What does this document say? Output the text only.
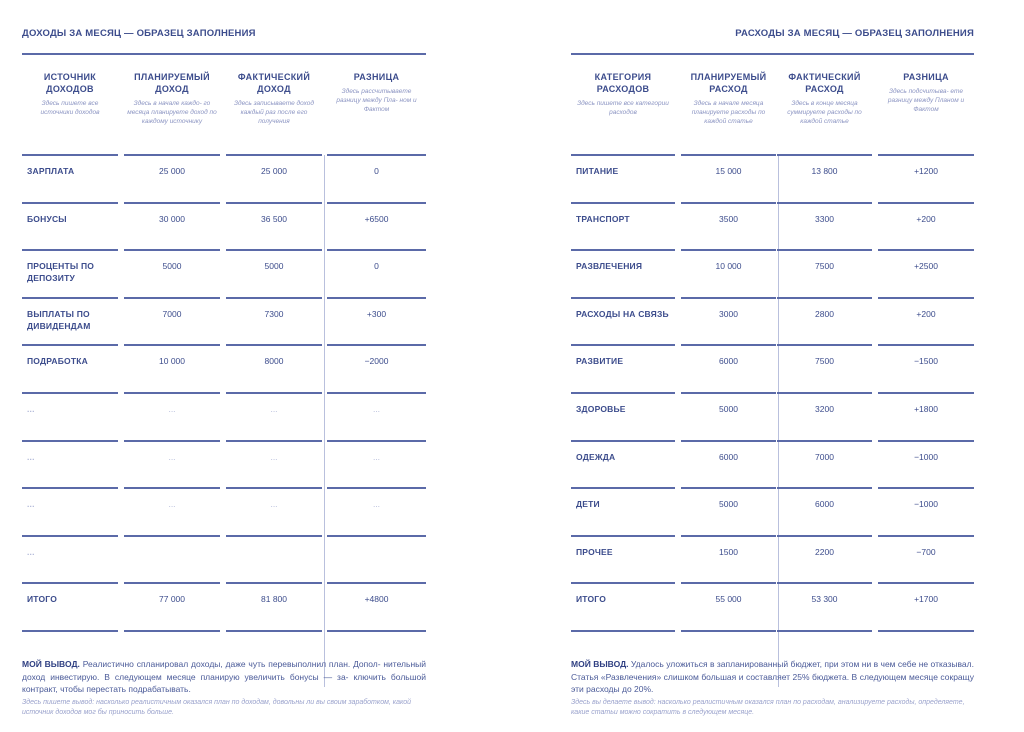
ДОХОДЫ ЗА МЕСЯЦ — ОБРАЗЕЦ ЗАПОЛНЕНИЯ
ИСТОЧНИК ДОХОДОВ
Здесь пишете все источники доходов
ЗАРПЛАТА
БОНУСЫ
ПРОЦЕНТЫ ПО ДЕПОЗИТУ
ВЫПЛАТЫ ПО ДИВИДЕНДАМ
ПОДРАБОТКА
...
...
...
...
ИТОГО
ПЛАНИРУЕМЫЙ ДОХОД
Здесь в начале каждо- го месяца планируете доход по каждому источнику
25 000
30 000
5000
7000
10 000
...
...
...
77 000
ФАКТИЧЕСКИЙ ДОХОД
Здесь записываете доход каждый раз после его получения
25 000
36 500
5000
7300
8000
...
...
...
81 800
РАЗНИЦА
Здесь рассчитываете разницу между Пла- ном и Фактом
0
+6500
0
+300
−2000
...
...
...
+4800
МОЙ ВЫВОД. Реалистично спланировал доходы, даже чуть перевыполнил план. Допол- нительный доход инвестирую. В следующем месяце планирую увеличить бонусы — за- ключить большой контракт, чтобы перестать подрабатывать.
Здесь пишете вывод: насколько реалистичным оказался план по доходам, довольны ли вы своим заработком, какой источник доходов мог бы приносить больше.
РАСХОДЫ ЗА МЕСЯЦ — ОБРАЗЕЦ ЗАПОЛНЕНИЯ
КАТЕГОРИЯ РАСХОДОВ
Здесь пишете все категории расходов
ПИТАНИЕ
ТРАНСПОРТ
РАЗВЛЕЧЕНИЯ
РАСХОДЫ НА СВЯЗЬ
РАЗВИТИЕ
ЗДОРОВЬЕ
ОДЕЖДА
ДЕТИ
ПРОЧЕЕ
ИТОГО
ПЛАНИРУЕМЫЙ РАСХОД
Здесь в начале месяца планируете расходы по каждой статье
15 000
3500
10 000
3000
6000
5000
6000
5000
1500
55 000
ФАКТИЧЕСКИЙ РАСХОД
Здесь в конце месяца суммируете расходы по каждой статье
13 800
3300
7500
2800
7500
3200
7000
6000
2200
53 300
РАЗНИЦА
Здесь подсчитыва- ете разницу между Планом и Фактом
+1200
+200
+2500
+200
−1500
+1800
−1000
−1000
−700
+1700
МОЙ ВЫВОД. Удалось уложиться в запланированный бюджет, при этом ни в чем себе не отказывал. Статья «Развлечения» слишком большая и составляет 25% бюджета. В следующем месяце сокращу эти расходы до 20%.
Здесь вы делаете вывод: насколько реалистичным оказался план по расходам, анализируете расходы, определяете, какие статьи можно сократить в следующем месяце.
